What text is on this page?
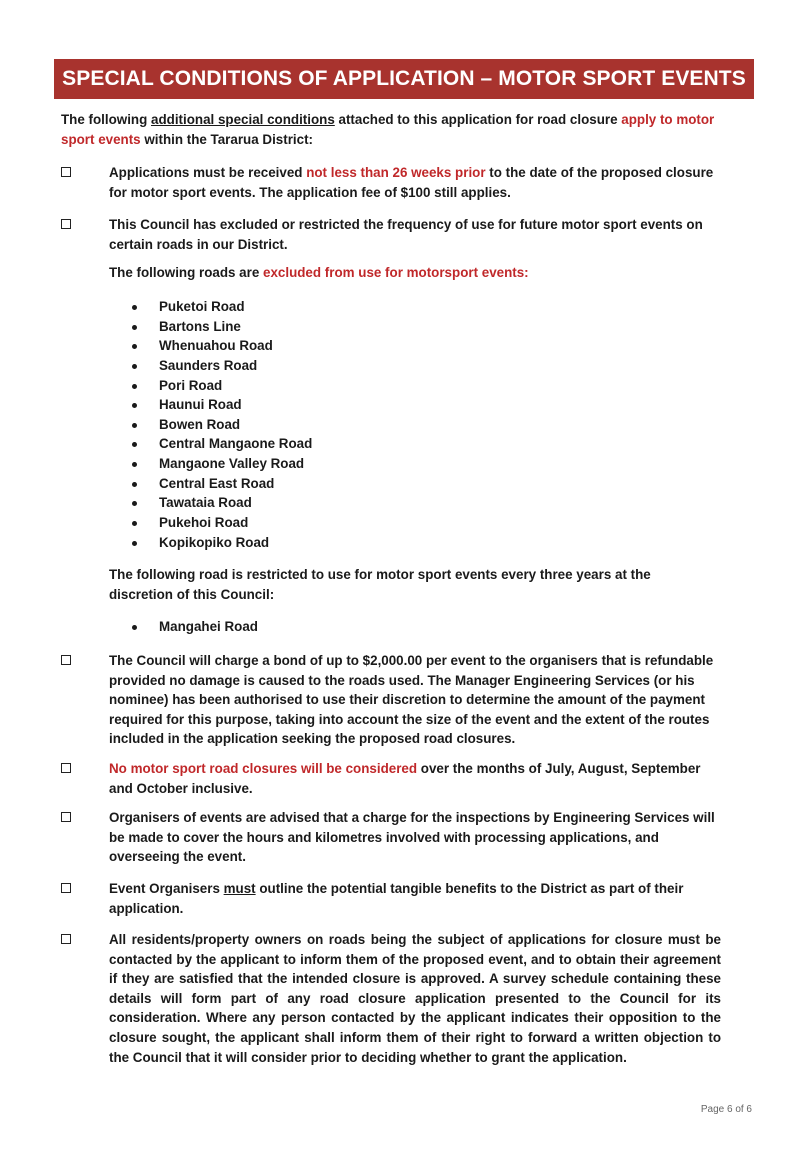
SPECIAL CONDITIONS OF APPLICATION – MOTOR SPORT EVENTS
The following additional special conditions attached to this application for road closure apply to motor sport events within the Tararua District:
Applications must be received not less than 26 weeks prior to the date of the proposed closure for motor sport events. The application fee of $100 still applies.
This Council has excluded or restricted the frequency of use for future motor sport events on certain roads in our District.
The following roads are excluded from use for motorsport events:
Puketoi Road
Bartons Line
Whenuahou Road
Saunders Road
Pori Road
Haunui Road
Bowen Road
Central Mangaone Road
Mangaone Valley Road
Central East Road
Tawataia Road
Pukehoi Road
Kopikopiko Road
The following road is restricted to use for motor sport events every three years at the discretion of this Council:
Mangahei Road
The Council will charge a bond of up to $2,000.00 per event to the organisers that is refundable provided no damage is caused to the roads used. The Manager Engineering Services (or his nominee) has been authorised to use their discretion to determine the amount of the payment required for this purpose, taking into account the size of the event and the extent of the routes included in the application seeking the proposed road closures.
No motor sport road closures will be considered over the months of July, August, September and October inclusive.
Organisers of events are advised that a charge for the inspections by Engineering Services will be made to cover the hours and kilometres involved with processing applications, and overseeing the event.
Event Organisers must outline the potential tangible benefits to the District as part of their application.
All residents/property owners on roads being the subject of applications for closure must be contacted by the applicant to inform them of the proposed event, and to obtain their agreement if they are satisfied that the intended closure is approved. A survey schedule containing these details will form part of any road closure application presented to the Council for its consideration. Where any person contacted by the applicant indicates their opposition to the closure sought, the applicant shall inform them of their right to forward a written objection to the Council that it will consider prior to deciding whether to grant the application.
Page 6 of 6
